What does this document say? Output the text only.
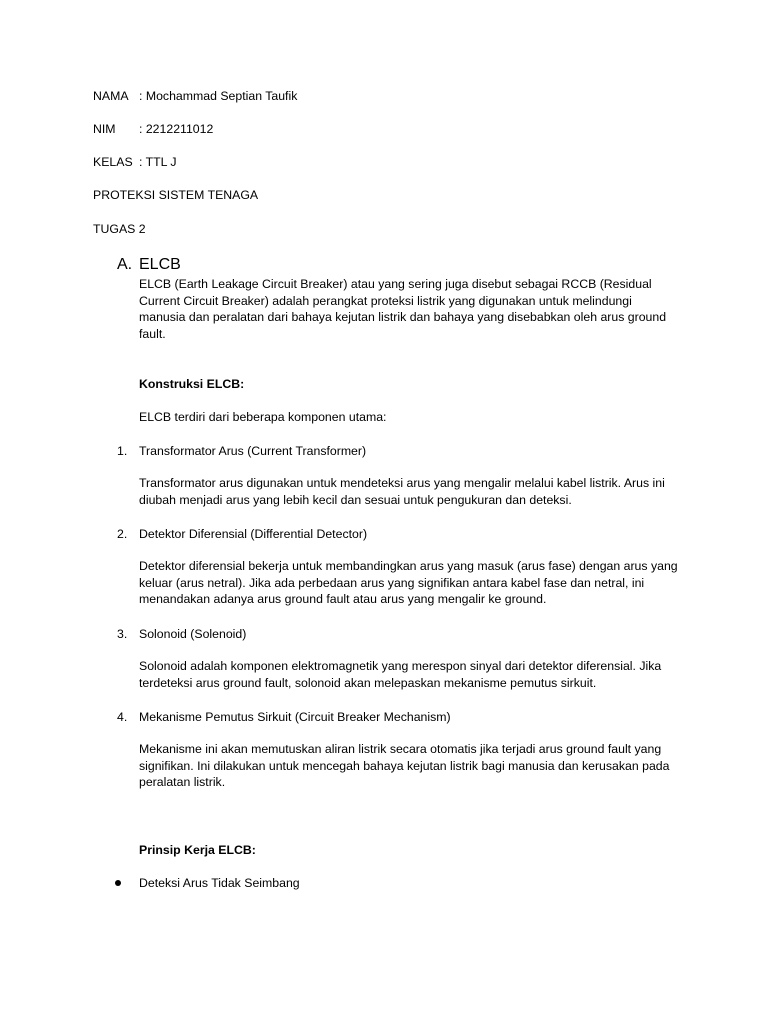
NAMA : Mochammad Septian Taufik
NIM : 2212211012
KELAS : TTL J
PROTEKSI SISTEM TENAGA
TUGAS 2
A. ELCB
ELCB (Earth Leakage Circuit Breaker) atau yang sering juga disebut sebagai RCCB (Residual Current Circuit Breaker) adalah perangkat proteksi listrik yang digunakan untuk melindungi manusia dan peralatan dari bahaya kejutan listrik dan bahaya yang disebabkan oleh arus ground fault.
Konstruksi ELCB:
ELCB terdiri dari beberapa komponen utama:
1. Transformator Arus (Current Transformer)
Transformator arus digunakan untuk mendeteksi arus yang mengalir melalui kabel listrik. Arus ini diubah menjadi arus yang lebih kecil dan sesuai untuk pengukuran dan deteksi.
2. Detektor Diferensial (Differential Detector)
Detektor diferensial bekerja untuk membandingkan arus yang masuk (arus fase) dengan arus yang keluar (arus netral). Jika ada perbedaan arus yang signifikan antara kabel fase dan netral, ini menandakan adanya arus ground fault atau arus yang mengalir ke ground.
3. Solonoid (Solenoid)
Solonoid adalah komponen elektromagnetik yang merespon sinyal dari detektor diferensial. Jika terdeteksi arus ground fault, solonoid akan melepaskan mekanisme pemutus sirkuit.
4. Mekanisme Pemutus Sirkuit (Circuit Breaker Mechanism)
Mekanisme ini akan memutuskan aliran listrik secara otomatis jika terjadi arus ground fault yang signifikan. Ini dilakukan untuk mencegah bahaya kejutan listrik bagi manusia dan kerusakan pada peralatan listrik.
Prinsip Kerja ELCB:
Deteksi Arus Tidak Seimbang
